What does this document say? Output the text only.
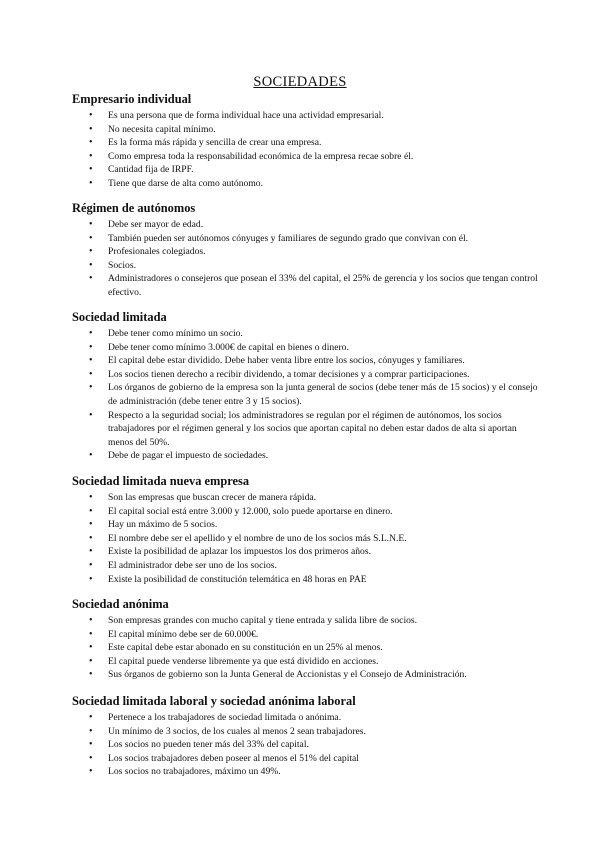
SOCIEDADES
Empresario individual
• Es una persona que de forma individual hace una actividad empresarial.
• No necesita capital mínimo.
• Es la forma más rápida y sencilla de crear una empresa.
• Como empresa toda la responsabilidad económica de la empresa recae sobre él.
• Cantidad fija de IRPF.
• Tiene que darse de alta como autónomo.
Régimen de autónomos
• Debe ser mayor de edad.
• También pueden ser autónomos cónyuges y familiares de segundo grado que convivan con él.
• Profesionales colegiados.
• Socios.
• Administradores o consejeros que posean el 33% del capital, el 25% de gerencia y los socios que tengan control efectivo.
Sociedad limitada
• Debe tener como mínimo un socio.
• Debe tener como mínimo 3.000€ de capital en bienes o dinero.
• El capital debe estar dividido. Debe haber venta libre entre los socios, cónyuges y familiares.
• Los socios tienen derecho a recibir dividendo, a tomar decisiones y a comprar participaciones.
• Los órganos de gobierno de la empresa son la junta general de socios (debe tener más de 15 socios) y el consejo de administración (debe tener entre 3 y 15 socios).
• Respecto a la seguridad social; los administradores se regulan por el régimen de autónomos, los socios trabajadores por el régimen general y los socios que aportan capital no deben estar dados de alta si aportan menos del 50%.
• Debe de pagar el impuesto de sociedades.
Sociedad limitada nueva empresa
• Son las empresas que buscan crecer de manera rápida.
• El capital social está entre 3.000 y 12.000, solo puede aportarse en dinero.
• Hay un máximo de 5 socios.
• El nombre debe ser el apellido y el nombre de uno de los socios más S.L.N.E.
• Existe la posibilidad de aplazar los impuestos los dos primeros años.
• El administrador debe ser uno de los socios.
• Existe la posibilidad de constitución telemática en 48 horas en PAE
Sociedad anónima
• Son empresas grandes con mucho capital y tiene entrada y salida libre de socios.
• El capital mínimo debe ser de 60.000€.
• Este capital debe estar abonado en su constitución en un 25% al menos.
• El capital puede venderse libremente ya que está dividido en acciones.
• Sus órganos de gobierno son la Junta General de Accionistas y el Consejo de Administración.
Sociedad limitada laboral y sociedad anónima laboral
• Pertenece a los trabajadores de sociedad limitada o anónima.
• Un mínimo de 3 socios, de los cuales al menos 2 sean trabajadores.
• Los socios no pueden tener más del 33% del capital.
• Los socios trabajadores deben poseer al menos el 51% del capital
• Los socios no trabajadores, máximo un 49%.
